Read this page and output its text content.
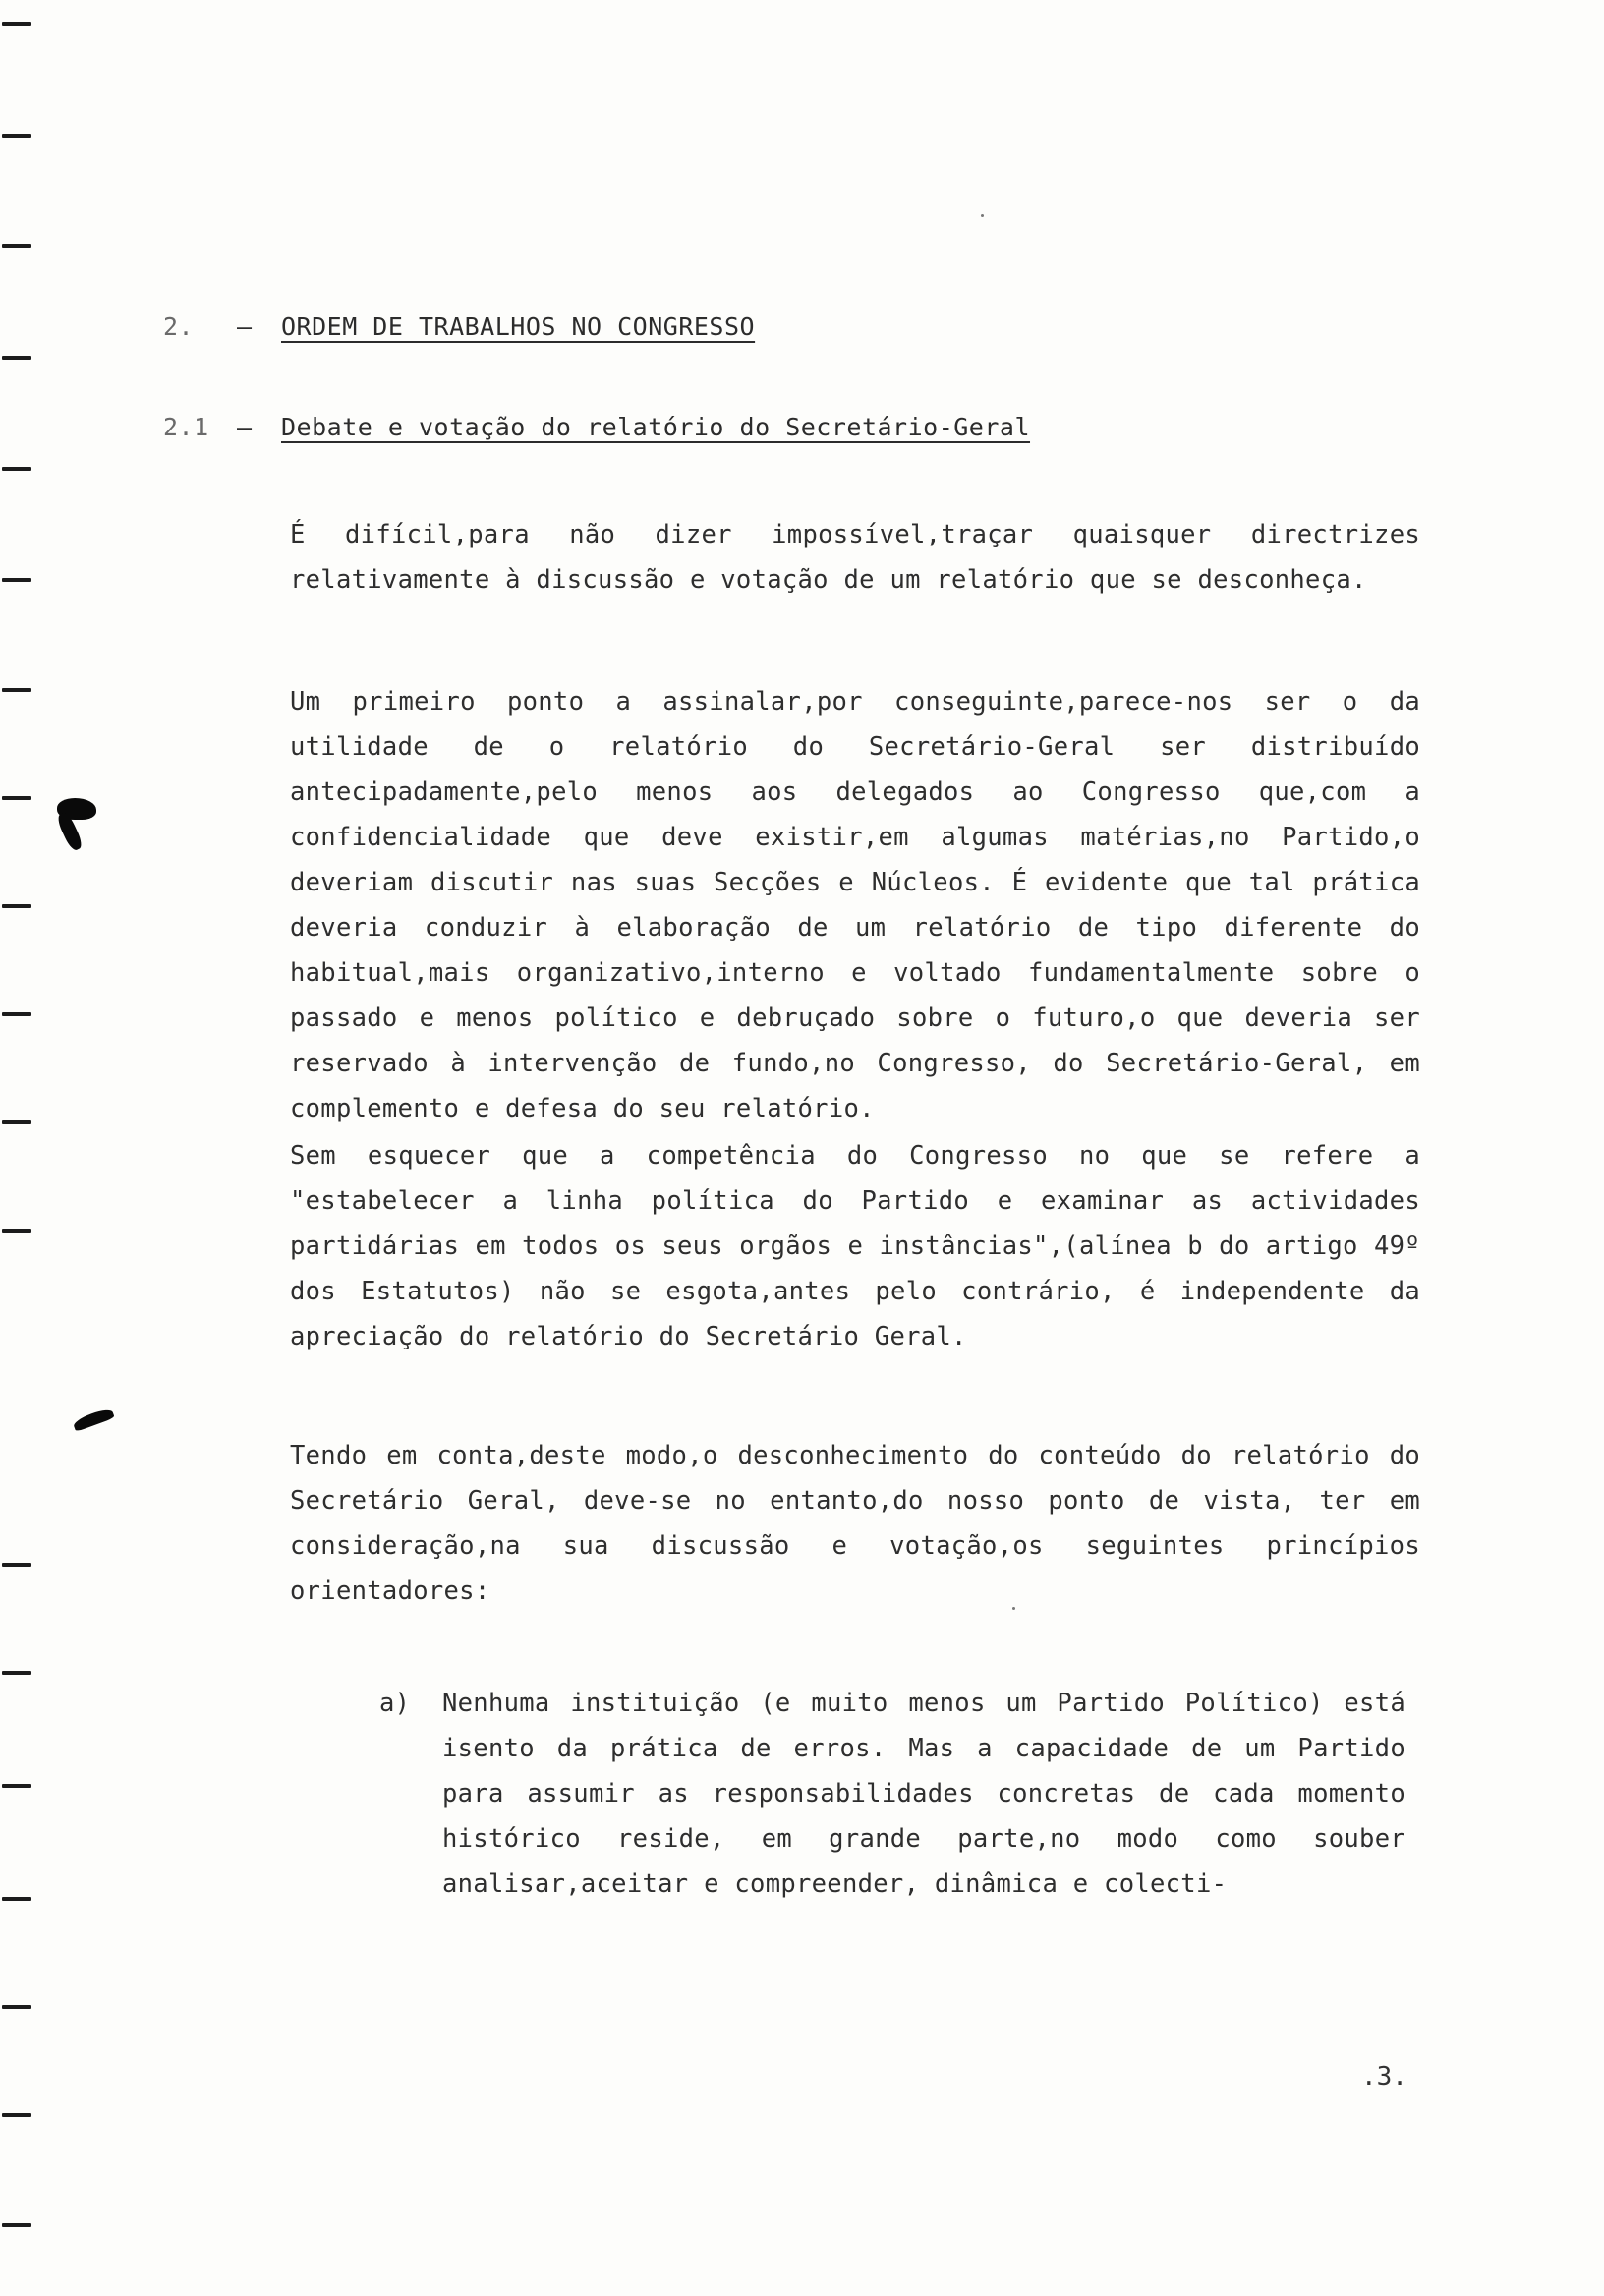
2. – ORDEM DE TRABALHOS NO CONGRESSO
2.1 – Debate e votação do relatório do Secretário-Geral
É difícil,para não dizer impossível,traçar quaisquer directrizes relativamente à discussão e votação de um relatório que se desconheça.
Um primeiro ponto a assinalar,por conseguinte,parece-nos ser o da utilidade de o relatório do Secretário-Geral ser distribuído antecipadamente,pelo menos aos delegados ao Congresso que,com a confidencialidade que deve existir,em algumas matérias,no Partido,o deveriam discutir nas suas Secções e Núcleos. É evidente que tal prática deveria conduzir à elaboração de um relatório de tipo diferente do habitual,mais organizativo,interno e voltado fundamentalmente sobre o passado e menos político e debruçado sobre o futuro,o que deveria ser reservado à intervenção de fundo,no Congresso, do Secretário-Geral, em complemento e defesa do seu relatório.
Sem esquecer que a competência do Congresso no que se refere a "estabelecer a linha política do Partido e examinar as actividades partidárias em todos os seus orgãos e instâncias",(alínea b do artigo 49º dos Estatutos) não se esgota,antes pelo contrário, é independente da apreciação do relatório do Secretário Geral.
Tendo em conta,deste modo,o desconhecimento do conteúdo do relatório do Secretário Geral, deve-se no entanto,do nosso ponto de vista, ter em consideração,na sua discussão e votação,os seguintes princípios orientadores:
a) Nenhuma instituição (e muito menos um Partido Político) está isento da prática de erros. Mas a capacidade de um Partido para assumir as responsabilidades concretas de cada momento histórico reside, em grande parte,no modo como souber analisar,aceitar e compreender, dinâmica e colecti-
.3.
